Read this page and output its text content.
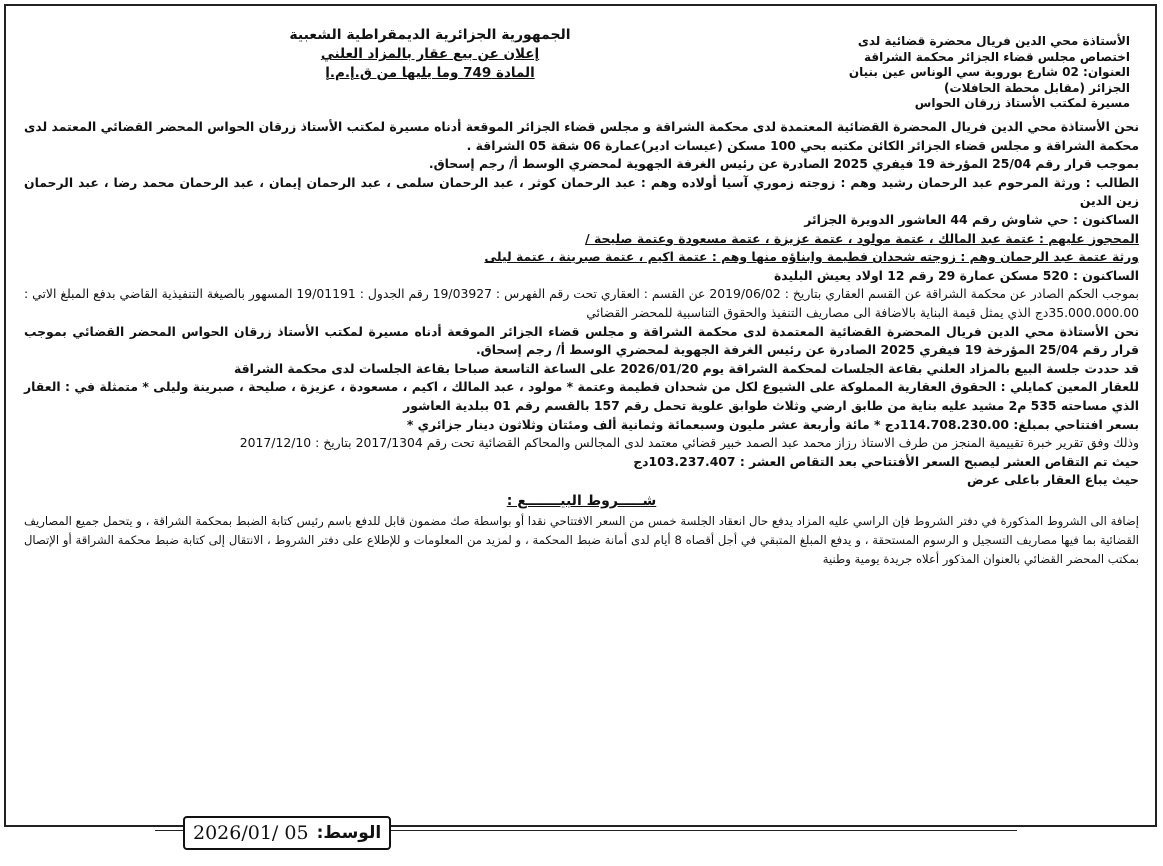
الجمهورية الجزائرية الديمقراطية الشعبية
إعلان عن بيع عقار بالمزاد العلني
المادة 749 وما يليها من ق.إ.م.إ
الأستاذة محي الدين فريال محضرة قضائية لدى
اختصاص مجلس قضاء الجزائر محكمة الشراقة
العنوان: 02 شارع بوروبة سي الوناس عين بنيان
الجزائر (مقابل محطة الحافلات)
مسيرة لمكتب الأستاذ زرقان الحواس

نحن الأستاذة محي الدين فريال المحضرة القضائية المعتمدة لدى محكمة الشراقة و مجلس قضاء الجزائر الموقعة أدناه مسيرة لمكتب الأستاذ زرقان الحواس المحضر القضائي المعتمد لدى محكمة الشراقة و مجلس قضاء الجزائر الكائن مكتبه بحي 100 مسكن (عيسات ادير)عمارة 06 شقة 05 الشراقة .

بموجب قرار رقم 25/04 المؤرخة 19 فيفري 2025 الصادرة عن رئيس الغرفة الجهوية لمحضري الوسط أ/ رجم إسحاق.

الطالب : ورثة المرحوم عبد الرحمان رشيد وهم : زوجته زموري آسيا أولاده وهم : عبد الرحمان كوثر ، عبد الرحمان سلمى ، عبد الرحمان إيمان ، عبد الرحمان محمد رضا ، عبد الرحمان زين الدين

الساكنون : حي شاوش رقم 44 العاشور الدويرة الجزائر

المحجوز عليهم : عتمة عبد المالك ، عتمة مولود ، عتمة عزيزة ، عتمة مسعودة وعتمة صليحة /

ورثة عتمة عبد الرحمان وهم : زوجته شحدان فطيمة وابناؤه منها وهم : عتمة اكيم ، عتمة صبرينة ، عتمة ليلى

الساكنون : 520 مسكن عمارة 29 رقم 12 اولاد يعيش البليدة

بموجب الحكم الصادر عن محكمة الشراقة عن القسم العقاري بتاريخ : 2019/06/02 عن القسم : العقاري تحت رقم الفهرس : 19/03927 رقم الجدول : 19/01191 المسهور بالصيغة التنفيذية القاضي بدفع المبلغ الاتي : 35.000.000.00دج الذي يمثل قيمة البناية بالاضافة الى مصاريف التنفيذ والحقوق التناسبية للمحضر القضائي

نحن الأستاذة محي الدين فريال المحضرة القضائية المعتمدة لدى محكمة الشراقة و مجلس قضاء الجزائر الموقعة أدناه مسيرة لمكتب الأستاذ زرقان الحواس المحضر القضائي بموجب قرار رقم 25/04 المؤرخة 19 فيفري 2025 الصادرة عن رئيس الغرفة الجهوية لمحضري الوسط أ/ رجم إسحاق.

قد حددت جلسة البيع بالمزاد العلني بقاعة الجلسات لمحكمة الشراقة يوم 2026/01/20 على الساعة التاسعة صباحا بقاعة الجلسات لدى محكمة الشراقة

للعقار المعين كمايلي : الحقوق العقارية المملوكة على الشيوع لكل من شحدان فطيمة وعتمة * مولود ، عبد المالك ، اكيم ، مسعودة ، عزيزة ، صليحة ، صبرينة وليلى * متمثلة في : العقار الذي مساحته 535 م2 مشيد عليه بناية من طابق ارضي وثلاث طوابق علوية تحمل رقم 157 بالقسم رقم 01 ببلدية العاشور

بسعر افتتاحي بمبلغ: 114.708.230.00دج * مائة وأربعة عشر مليون وسبعمائة وثمانية ألف ومئتان وثلاثون دينار جزائري *

وذلك وفق تقرير خبرة تقييمية المنجز من طرف الاستاذ رزاز محمد عبد الصمد خبير قضائي معتمد لدى المجالس والمحاكم القضائية تحت رقم 2017/1304 بتاريخ : 2017/12/10

حيث تم التقاص العشر ليصبح السعر الأفتتاحي بعد التقاص العشر : 103.237.407دج

حيث يباع العقار باعلى عرض

شـــــروط البيـــــــع :

إضافة الى الشروط المذكورة في دفتر الشروط فإن الراسي عليه المزاد يدفع حال انعقاد الجلسة خمس من السعر الافتتاحي نقدا أو بواسطة صك مضمون قابل للدفع باسم رئيس كتابة الضبط بمحكمة الشراقة ، و يتحمل جميع المصاريف القضائية بما فيها مصاريف التسجيل و الرسوم المستحقة ، و يدفع المبلغ المتبقي في أجل أقصاه 8 أيام لدى أمانة ضبط المحكمة ، و لمزيد من المعلومات و للإطلاع على دفتر الشروط ، الانتقال إلى كتابة ضبط محكمة الشراقة أو الإتصال بمكتب المحضر القضائي بالعنوان المذكور أعلاه جريدة يومية وطنية

2026/01/ 05 الوسط:
